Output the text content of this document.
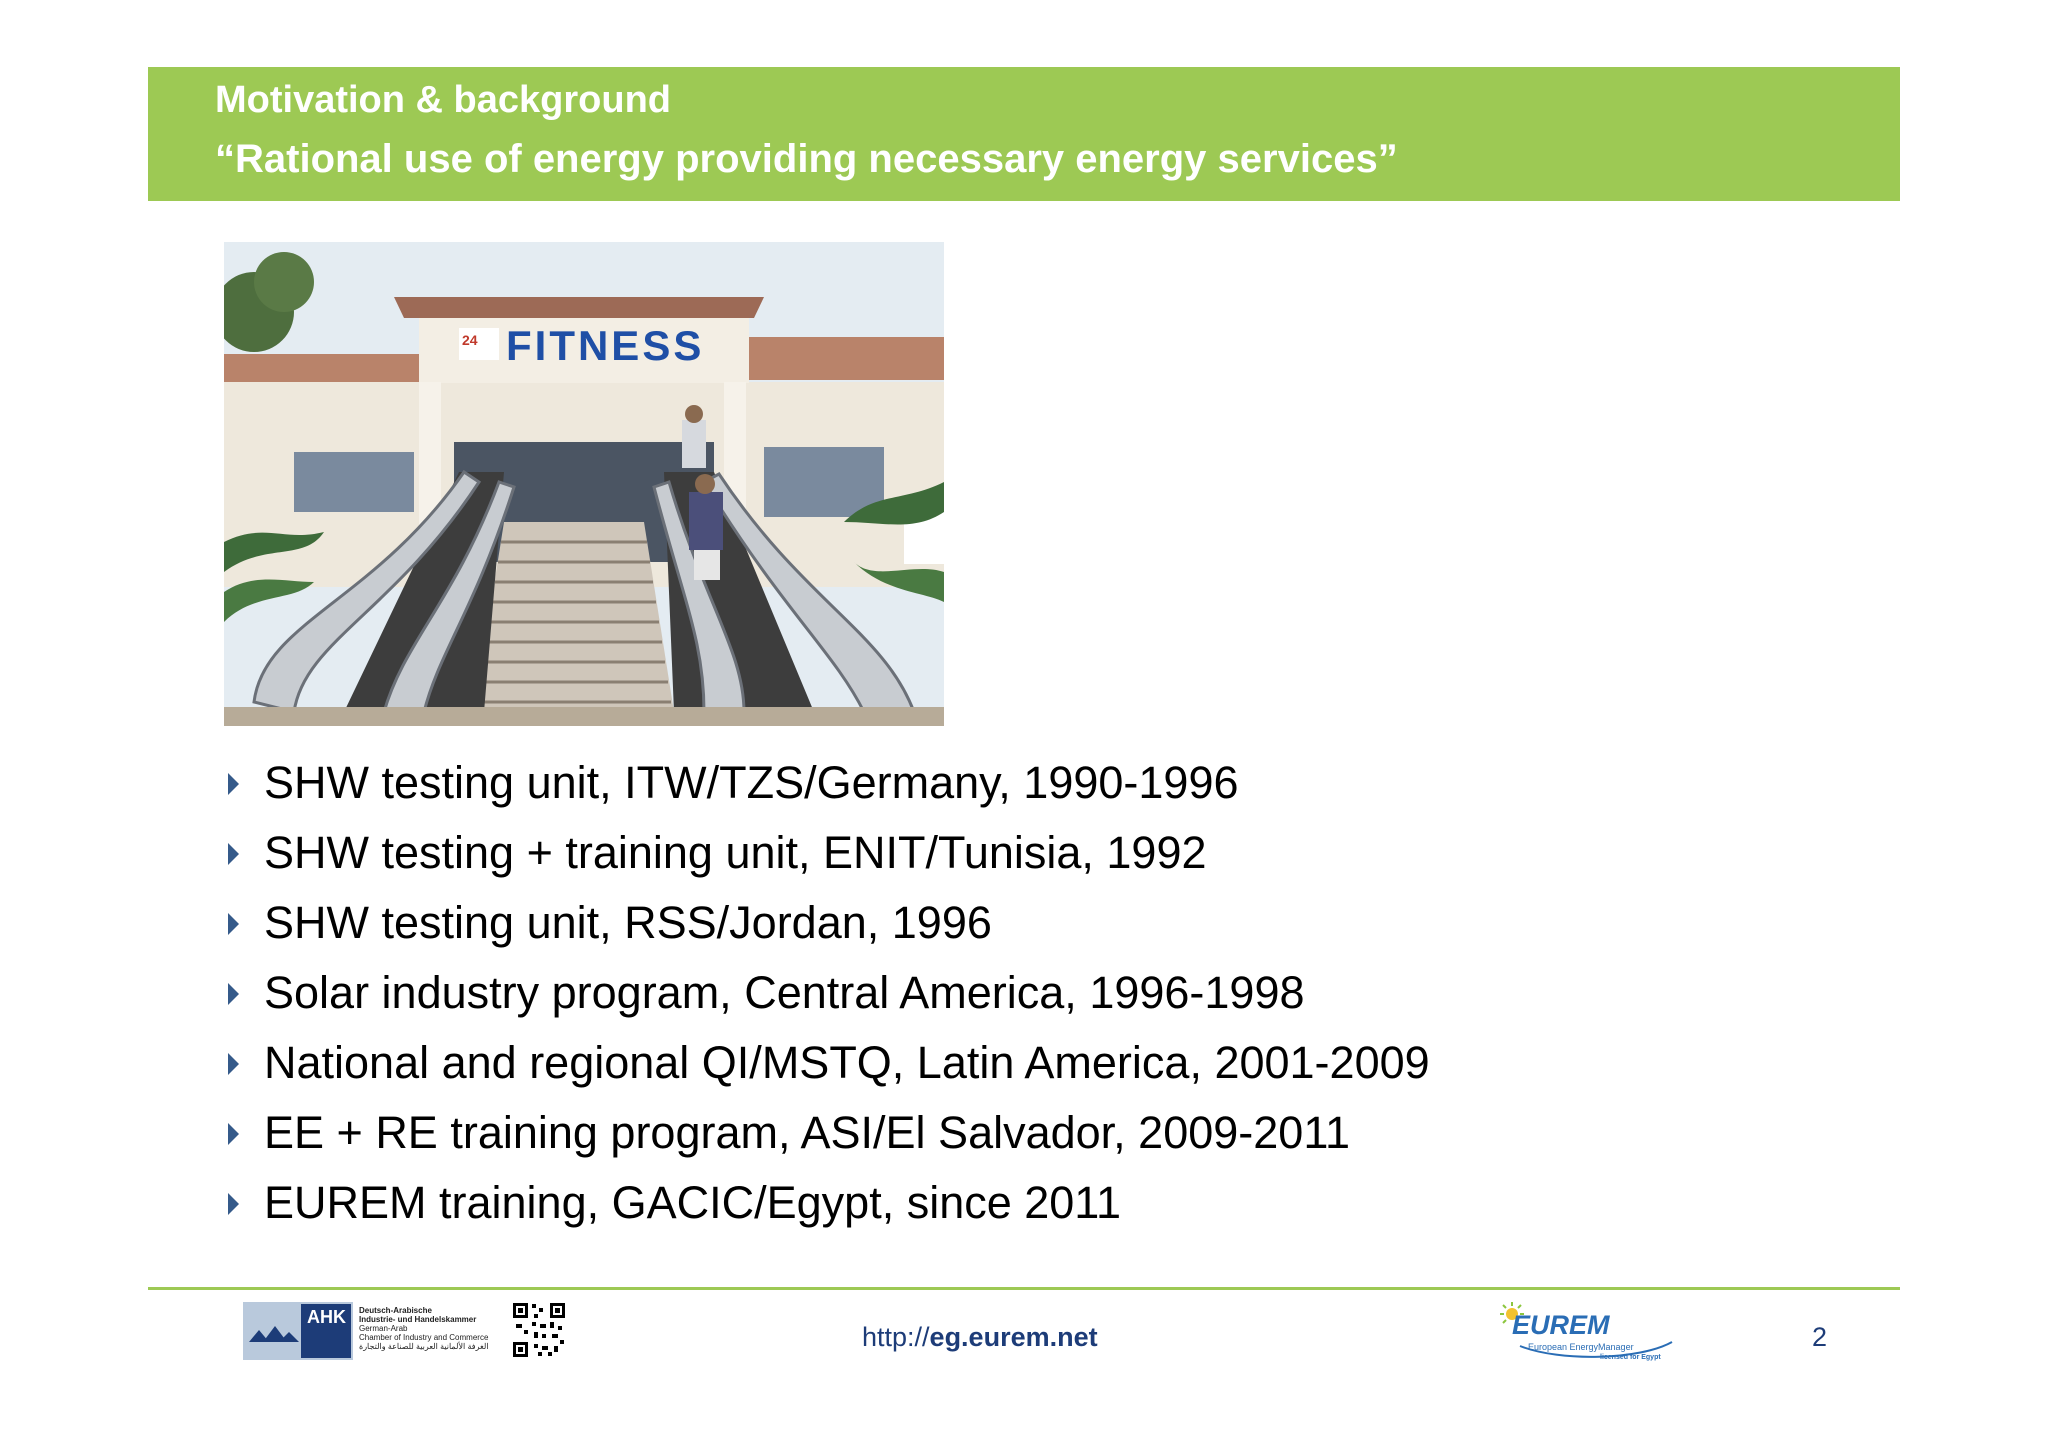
Motivation & background
“Rational use of energy providing necessary energy services”
24 FITNESS
SHW testing unit, ITW/TZS/Germany, 1990-1996
SHW testing + training unit, ENIT/Tunisia, 1992
SHW testing unit, RSS/Jordan, 1996
Solar industry program, Central America, 1996-1998
National and regional QI/MSTQ, Latin America, 2001-2009
EE + RE training program, ASI/El Salvador, 2009-2011
EUREM training, GACIC/Egypt, since 2011
AHK Deutsch-Arabische
Industrie- und Handelskammer
German-Arab
Chamber of Industry and Commerce
الغرفة الألمانية العربية للصناعة والتجارة	http://eg.eurem.net	EUREM
European EnergyManager
licensed for Egypt
2
